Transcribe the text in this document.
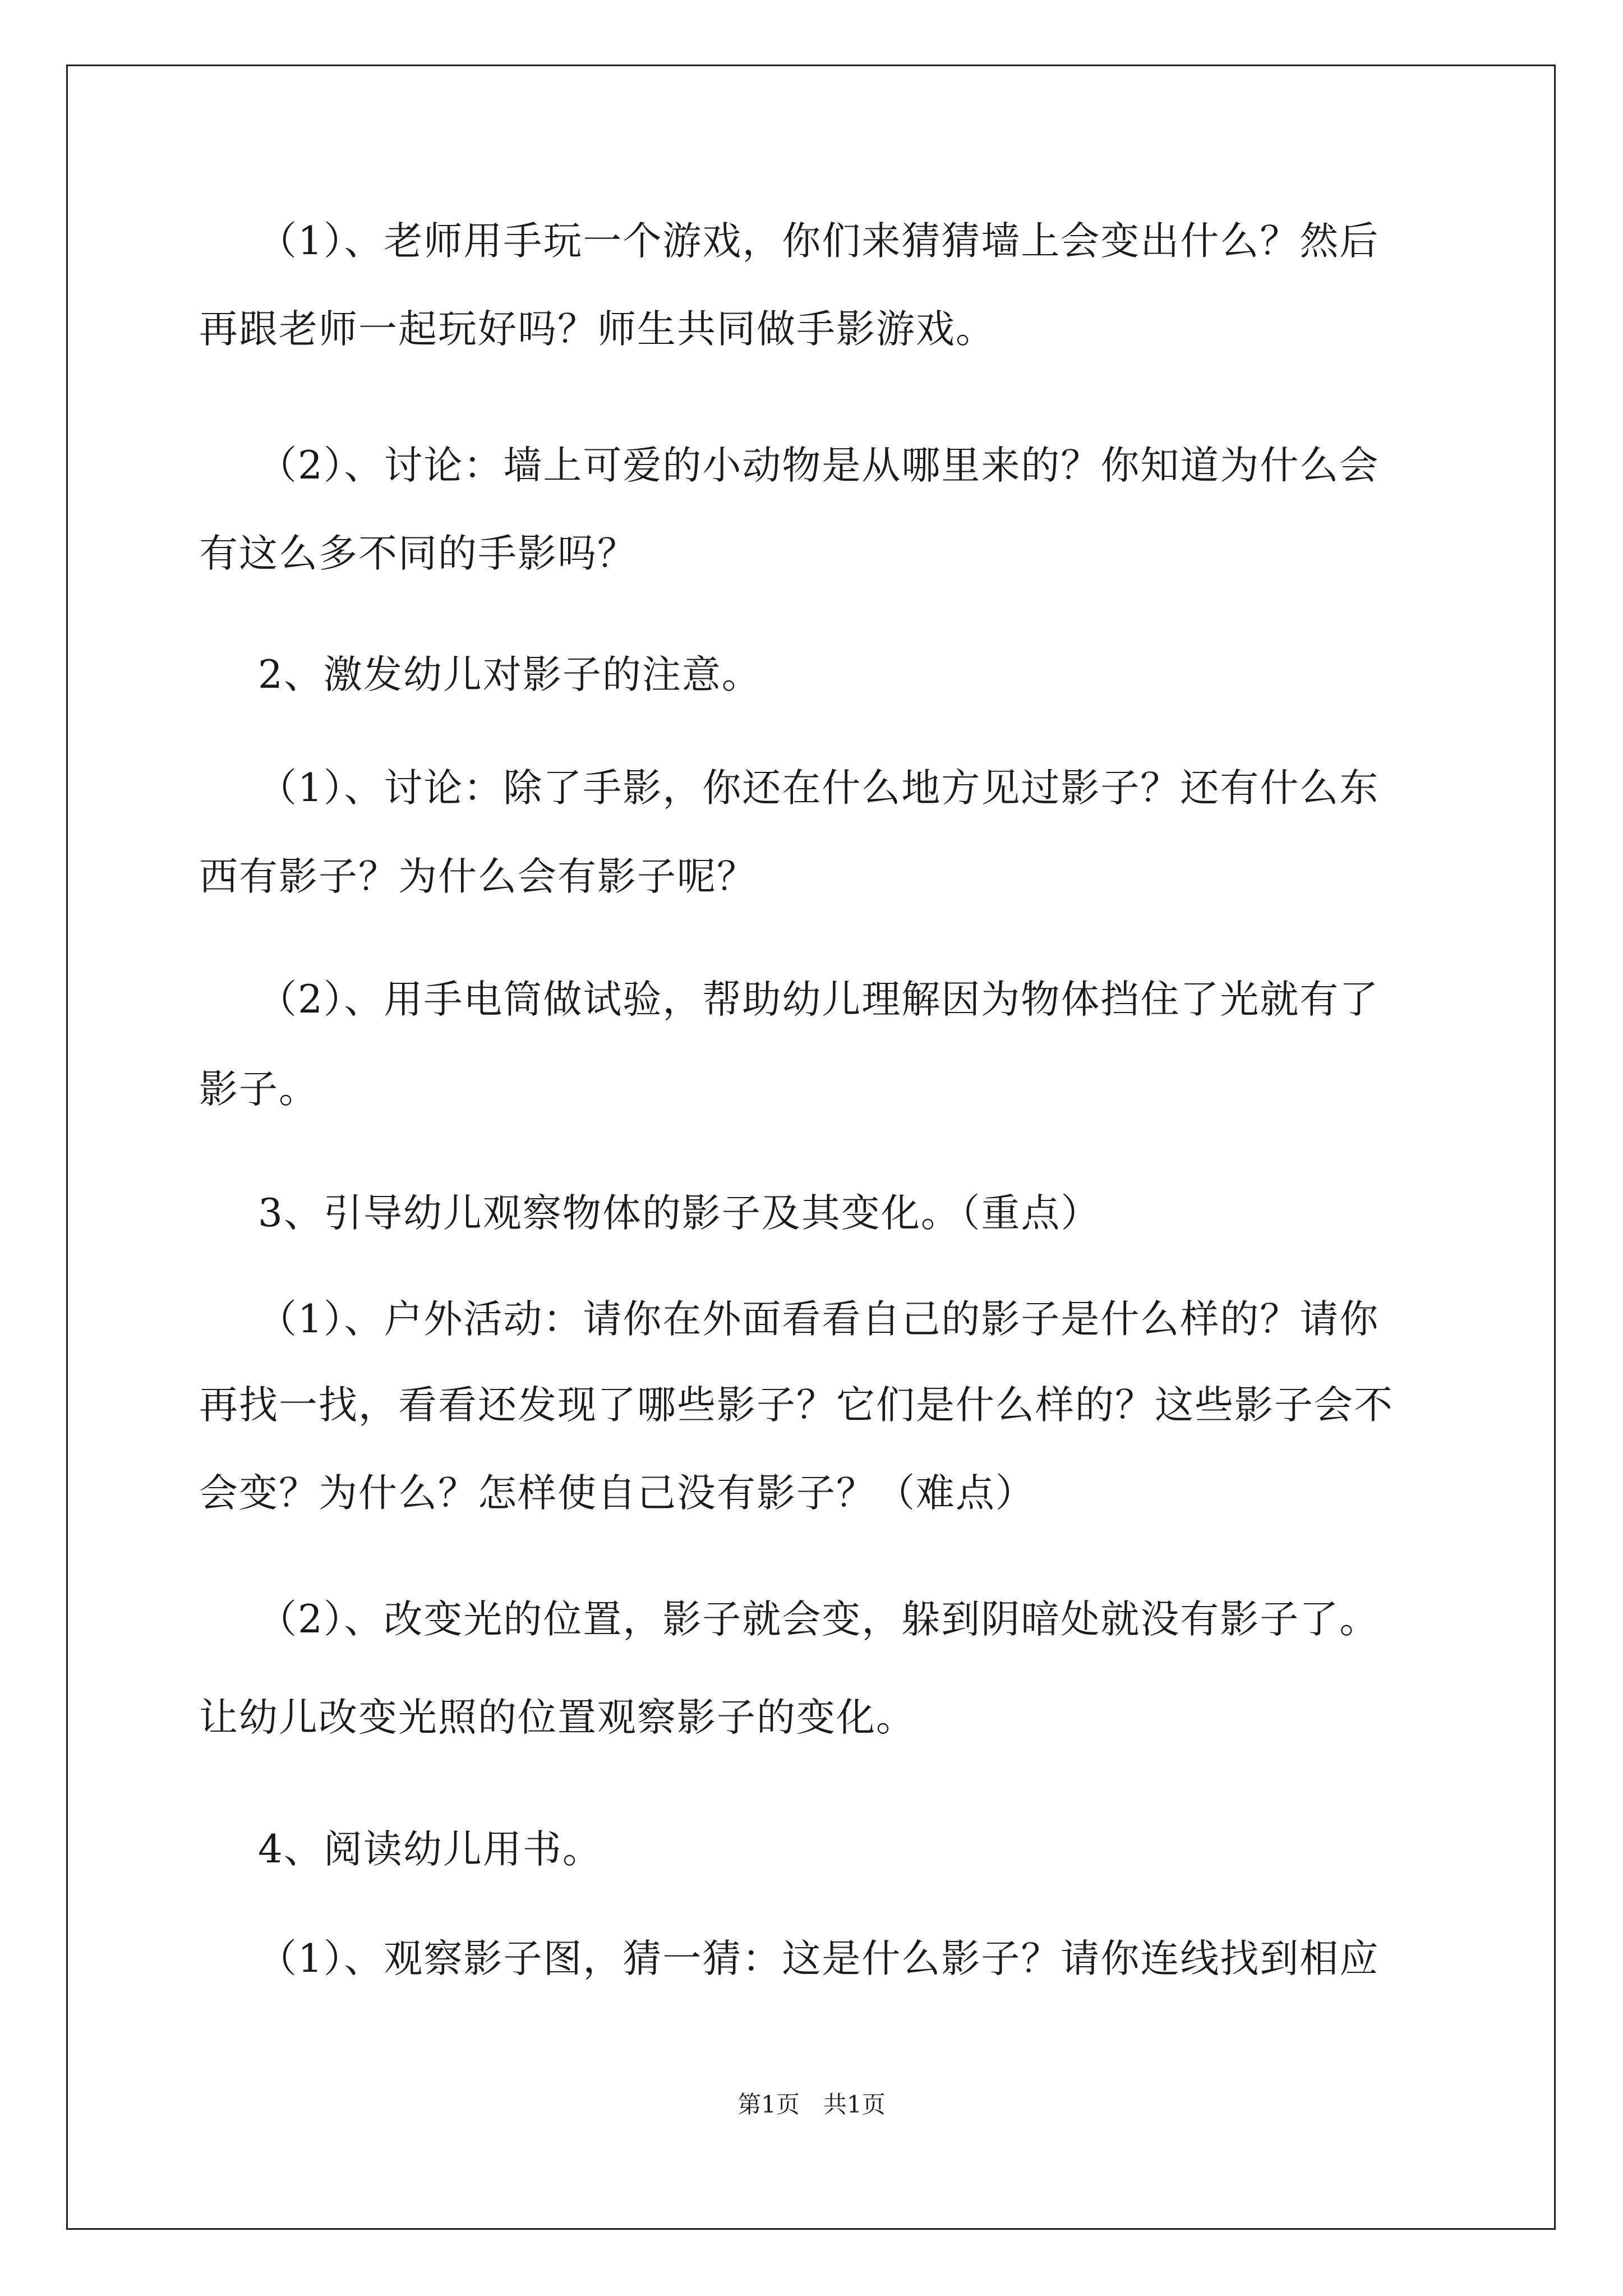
（1）、老师用手玩一个游戏，你们来猜猜墙上会变出什么？然后
再跟老师一起玩好吗？师生共同做手影游戏。
（2）、讨论：墙上可爱的小动物是从哪里来的？你知道为什么会
有这么多不同的手影吗？
2、激发幼儿对影子的注意。
（1）、讨论：除了手影，你还在什么地方见过影子？还有什么东
西有影子？为什么会有影子呢？
（2）、用手电筒做试验，帮助幼儿理解因为物体挡住了光就有了
影子。
3、引导幼儿观察物体的影子及其变化。（重点）
（1）、户外活动：请你在外面看看自己的影子是什么样的？请你
再找一找，看看还发现了哪些影子？它们是什么样的？这些影子会不
会变？为什么？怎样使自己没有影子？（难点）
（2）、改变光的位置，影子就会变，躲到阴暗处就没有影子了。
让幼儿改变光照的位置观察影子的变化。
4、阅读幼儿用书。
（1）、观察影子图，猜一猜：这是什么影子？请你连线找到相应
第1页　共1页
